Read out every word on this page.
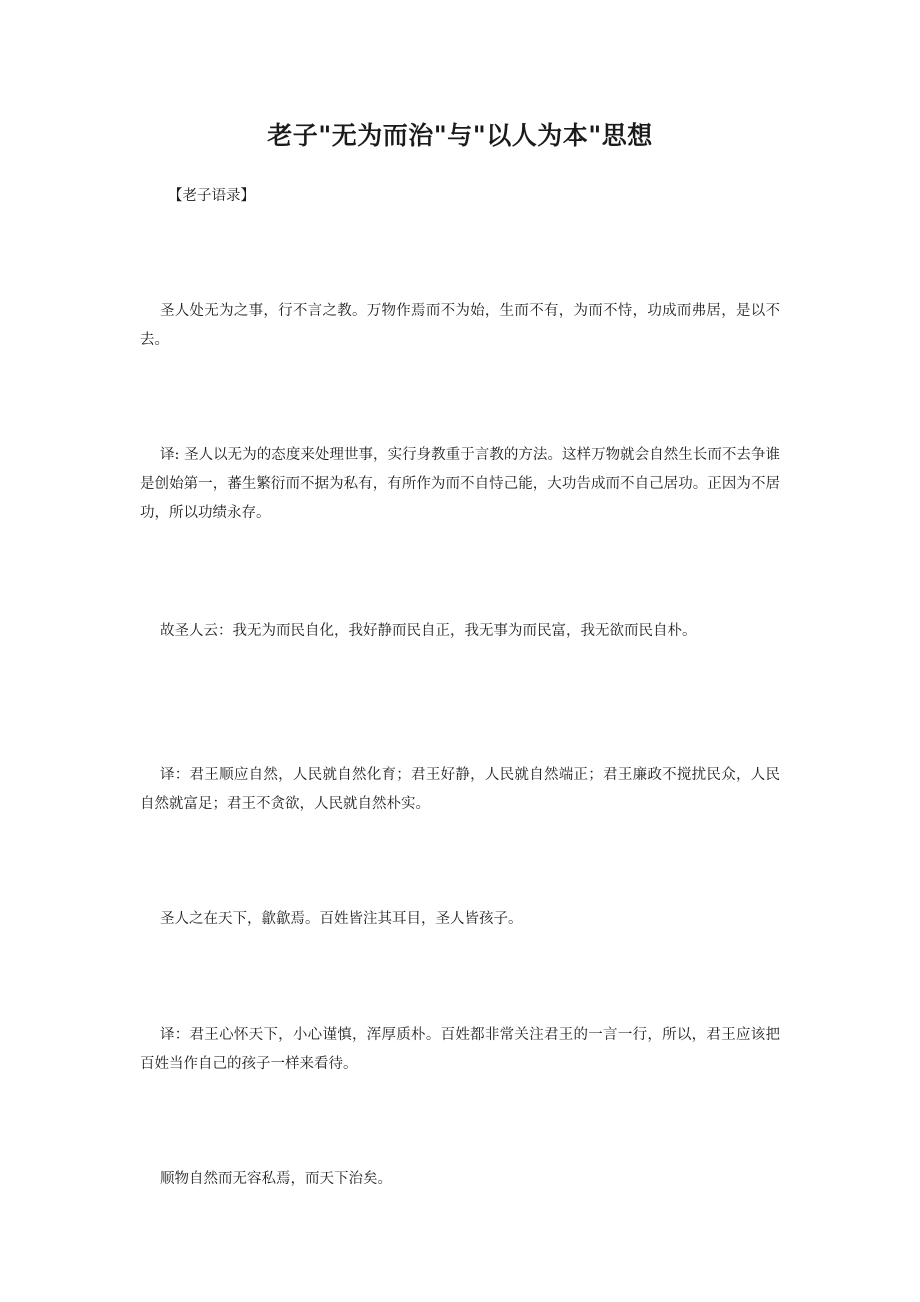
老子"无为而治"与"以人为本"思想

【老子语录】

圣人处无为之事，行不言之教。万物作焉而不为始，生而不有，为而不恃，功成而弗居，是以不去。

译: 圣人以无为的态度来处理世事，实行身教重于言教的方法。这样万物就会自然生长而不去争谁是创始第一，蕃生繁衍而不据为私有，有所作为而不自恃己能，大功告成而不自己居功。正因为不居功，所以功绩永存。

故圣人云：我无为而民自化，我好静而民自正，我无事为而民富，我无欲而民自朴。

译：君王顺应自然，人民就自然化育；君王好静，人民就自然端正；君王廉政不搅扰民众，人民自然就富足；君王不贪欲，人民就自然朴实。

圣人之在天下，歙歙焉。百姓皆注其耳目，圣人皆孩子。

译：君王心怀天下，小心谨慎，浑厚质朴。百姓都非常关注君王的一言一行，所以，君王应该把百姓当作自己的孩子一样来看待。

顺物自然而无容私焉，而天下治矣。
